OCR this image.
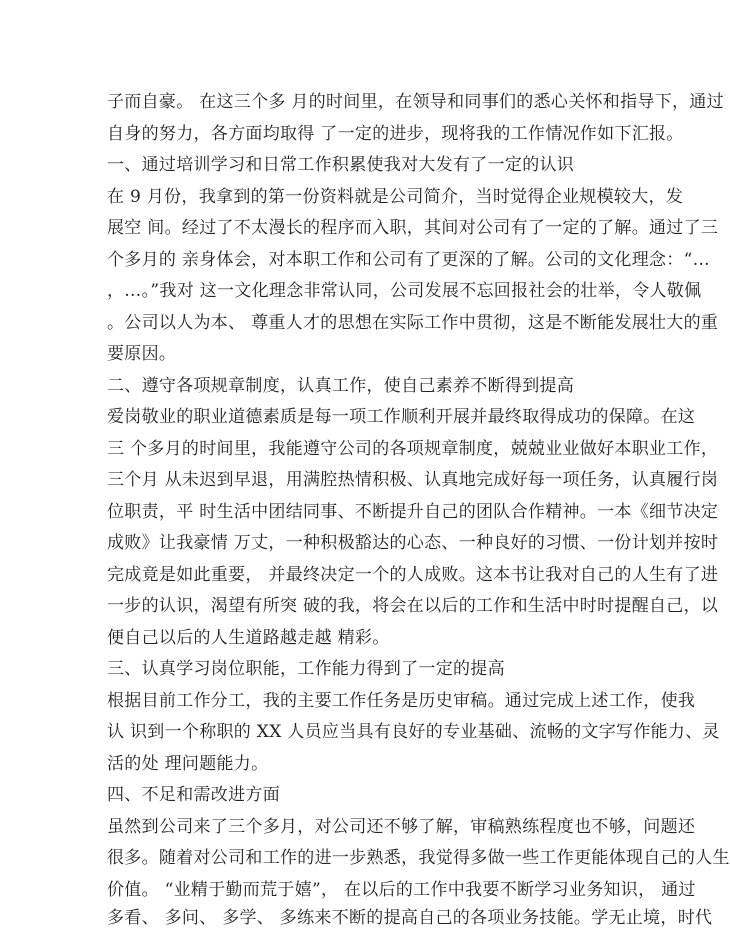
子而自豪。 在这三个多 月的时间里，在领导和同事们的悉心关怀和指导下，通过
自身的努力，各方面均取得 了一定的进步，现将我的工作情况作如下汇报。
一、通过培训学习和日常工作积累使我对大发有了一定的认识
在 9 月份，我拿到的第一份资料就是公司简介，当时觉得企业规模较大，发
展空 间。经过了不太漫长的程序而入职，其间对公司有了一定的了解。通过了三
个多月的 亲身体会，对本职工作和公司有了更深的了解。公司的文化理念：“…
，…。”我对 这一文化理念非常认同，公司发展不忘回报社会的壮举，令人敬佩
。公司以人为本、 尊重人才的思想在实际工作中贯彻，这是不断能发展壮大的重
要原因。
二、遵守各项规章制度，认真工作，使自己素养不断得到提高
爱岗敬业的职业道德素质是每一项工作顺利开展并最终取得成功的保障。在这
三 个多月的时间里，我能遵守公司的各项规章制度，兢兢业业做好本职业工作，
三个月 从未迟到早退，用满腔热情积极、认真地完成好每一项任务，认真履行岗
位职责，平 时生活中团结同事、不断提升自己的团队合作精神。一本《细节决定
成败》让我豪情 万丈，一种积极豁达的心态、一种良好的习惯、一份计划并按时
完成竟是如此重要， 并最终决定一个的人成败。这本书让我对自己的人生有了进
一步的认识，渴望有所突 破的我，将会在以后的工作和生活中时时提醒自己，以
便自己以后的人生道路越走越 精彩。
三、认真学习岗位职能，工作能力得到了一定的提高
根据目前工作分工，我的主要工作任务是历史审稿。通过完成上述工作，使我
认 识到一个称职的 XX 人员应当具有良好的专业基础、流畅的文字写作能力、灵
活的处 理问题能力。
四、不足和需改进方面
虽然到公司来了三个多月，对公司还不够了解，审稿熟练程度也不够，问题还
很多。随着对公司和工作的进一步熟悉，我觉得多做一些工作更能体现自己的人生
价值。 “业精于勤而荒于嬉”， 在以后的工作中我要不断学习业务知识， 通过
多看、 多问、 多学、 多练来不断的提高自己的各项业务技能。学无止境，时代
